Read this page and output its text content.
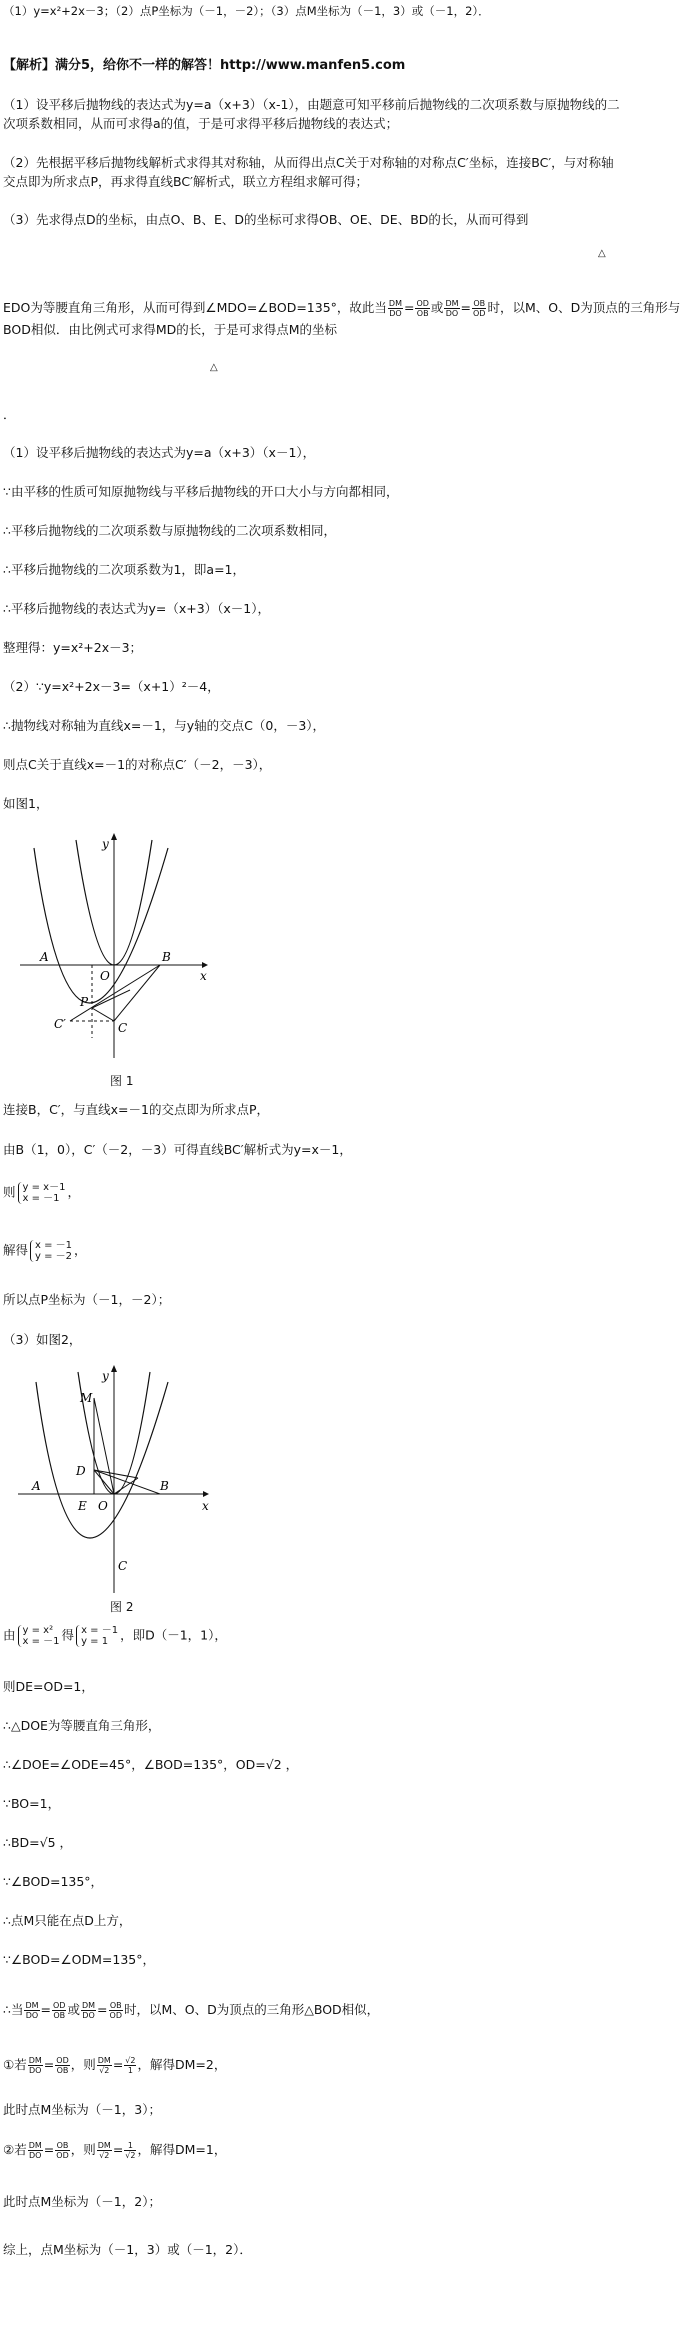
（1）y=x²+2x－3；（2）点P坐标为（－1，－2）；（3）点M坐标为（－1，3）或（－1，2）．
【解析】满分5，给你不一样的解答！http://www.manfen5.com
（1）设平移后抛物线的表达式为y=a（x+3）（x-1），由题意可知平移前后抛物线的二次项系数与原抛物线的二次项系数相同，从而可求得a的值，于是可求得平移后抛物线的表达式；
（2）先根据平移后抛物线解析式求得其对称轴，从而得出点C关于对称轴的对称点C′坐标，连接BC′，与对称轴交点即为所求点P，再求得直线BC′解析式，联立方程组求解可得；
（3）先求得点D的坐标，由点O、B、E、D的坐标可求得OB、OE、DE、BD的长，从而可得到
△
EDO为等腰直角三角形，从而可得到∠MDO=∠BOD=135°，故此当 $\frac{DM}{DO} = \frac{OD}{OB}$ 或 $\frac{DM}{DO} = \frac{OB}{OD}$ 时，以M、O、D为顶点的三角形与
BOD相似．由比例式可求得MD的长，于是可求得点M的坐标
△
．
（1）设平移后抛物线的表达式为y=a（x+3）（x－1），
∵由平移的性质可知原抛物线与平移后抛物线的开口大小与方向都相同，
∴平移后抛物线的二次项系数与原抛物线的二次项系数相同，
∴平移后抛物线的二次项系数为1，即a=1，
∴平移后抛物线的表达式为y=（x+3）（x－1），
整理得：y=x²+2x－3；
（2）∵y=x²+2x－3=（x+1）²－4，
∴抛物线对称轴为直线x=－1，与y轴的交点C（0，－3），
则点C关于直线x=－1的对称点C′（－2，－3），
如图1，
y
x
O
A	B
C
C′
P
图 1
连接B，C′，与直线x=－1的交点即为所求点P，
由B（1，0），C′（－2，－3）可得直线BC′解析式为y=x－1，
则 y = x－1
x = －1 ，
解得 x = －1
y = －2 ，
所以点P坐标为（－1，－2）；
（3）如图2，
y
x
O
A	B
C
D
E
M
图 2
由 y = x²
x = －1 得 x = －1
y = 1 ，即D（－1，1），
则DE=OD=1，
∴△DOE为等腰直角三角形，
∴∠DOE=∠ODE=45°，∠BOD=135°，OD=√2 ，
∵BO=1，
∴BD=√5 ，
∵∠BOD=135°，
∴点M只能在点D上方，
∵∠BOD=∠ODM=135°，
∴当 $\frac{DM}{DO} = \frac{OD}{OB}$ 或 $\frac{DM}{DO} = \frac{OB}{OD}$ 时，以M、O、D为顶点的三角形△BOD相似，
①若 $\frac{DM}{DO} = \frac{OD}{OB}$ ，则 $\frac{DM}{√2} = \frac{√2}{1}$ ，解得DM=2，
此时点M坐标为（－1，3）；
②若 $\frac{DM}{DO} = \frac{OB}{OD}$ ，则 $\frac{DM}{√2} = \frac{1}{√2}$ ，解得DM=1，
此时点M坐标为（－1，2）；
综上，点M坐标为（－1，3）或（－1，2）．
